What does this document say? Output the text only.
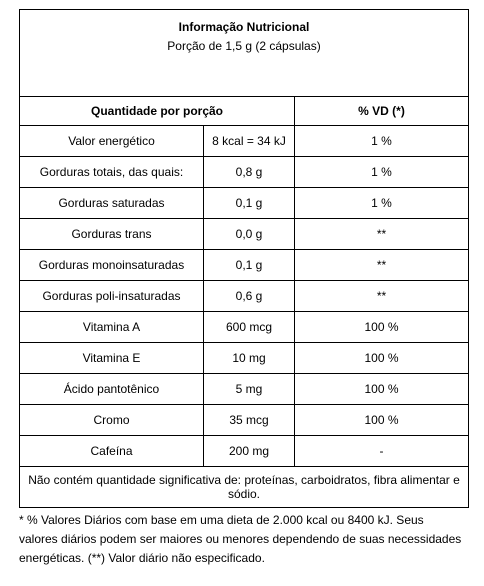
Informação Nutricional
Porção de 1,5 g (2 cápsulas)		

Quantidade por porção		% VD (*)
Valor energético	8 kcal = 34 kJ	1 %
Gorduras totais, das quais:	0,8 g	1 %
Gorduras saturadas	0,1 g	1 %
Gorduras trans	0,0 g	**
Gorduras monoinsaturadas	0,1 g	**
Gorduras poli-insaturadas	0,6 g	**
Vitamina A	600 mcg	100 %
Vitamina E	10 mg	100 %
Ácido pantotênico	5 mg	100 %
Cromo	35 mcg	100 %
Cafeína	200 mg	-
Não contém quantidade significativa de: proteínas, carboidratos, fibra alimentar e sódio.		
* % Valores Diários com base em uma dieta de 2.000 kcal ou 8400 kJ. Seus valores diários podem ser maiores ou menores dependendo de suas necessidades energéticas. (**) Valor diário não especificado.
